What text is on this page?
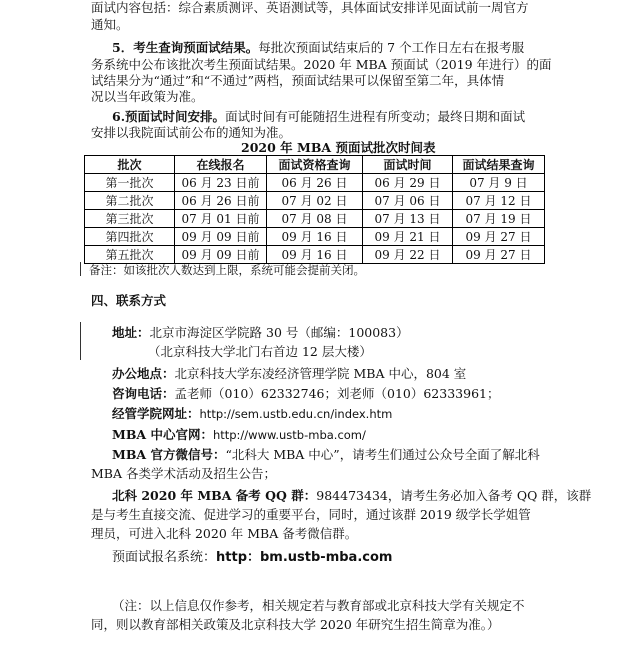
面试内容包括：综合素质测评、英语测试等，具体面试安排详见面试前一周官方
通知。
5．考生查询预面试结果。每批次预面试结束后的 7 个工作日左右在报考服
务系统中公布该批次考生预面试结果。2020 年 MBA 预面试（2019 年进行）的面
试结果分为“通过”和“不通过”两档，预面试结果可以保留至第二年，具体情
况以当年政策为准。
6.预面试时间安排。面试时间有可能随招生进程有所变动；最终日期和面试
安排以我院面试前公布的通知为准。
2020 年 MBA 预面试批次时间表
批次	在线报名	面试资格查询	面试时间	面试结果查询
第一批次	06 月 23 日前	06 月 26 日	06 月 29 日	07 月 9 日
第二批次	06 月 26 日前	07 月 02 日	07 月 06 日	07 月 12 日
第三批次	07 月 01 日前	07 月 08 日	07 月 13 日	07 月 19 日
第四批次	09 月 09 日前	09 月 16 日	09 月 21 日	09 月 27 日
第五批次	09 月 09 日前	09 月 16 日	09 月 22 日	09 月 27 日
备注：如该批次人数达到上限，系统可能会提前关闭。
四、联系方式
地址：北京市海淀区学院路 30 号（邮编：100083）
（北京科技大学北门右首边 12 层大楼）
办公地点：北京科技大学东凌经济管理学院 MBA 中心，804 室
咨询电话：孟老师（010）62332746；刘老师（010）62333961；
经管学院网址：http://sem.ustb.edu.cn/index.htm
MBA 中心官网：http://www.ustb-mba.com/
MBA 官方微信号：“北科大 MBA 中心”，请考生们通过公众号全面了解北科
MBA 各类学术活动及招生公告；
北科 2020 年 MBA 备考 QQ 群：984473434，请考生务必加入备考 QQ 群，该群
是与考生直接交流、促进学习的重要平台，同时，通过该群 2019 级学长学姐管
理员，可进入北科 2020 年 MBA 备考微信群。
预面试报名系统：http：bm.ustb-mba.com
（注：以上信息仅作参考，相关规定若与教育部或北京科技大学有关规定不
同，则以教育部相关政策及北京科技大学 2020 年研究生招生简章为准。）
